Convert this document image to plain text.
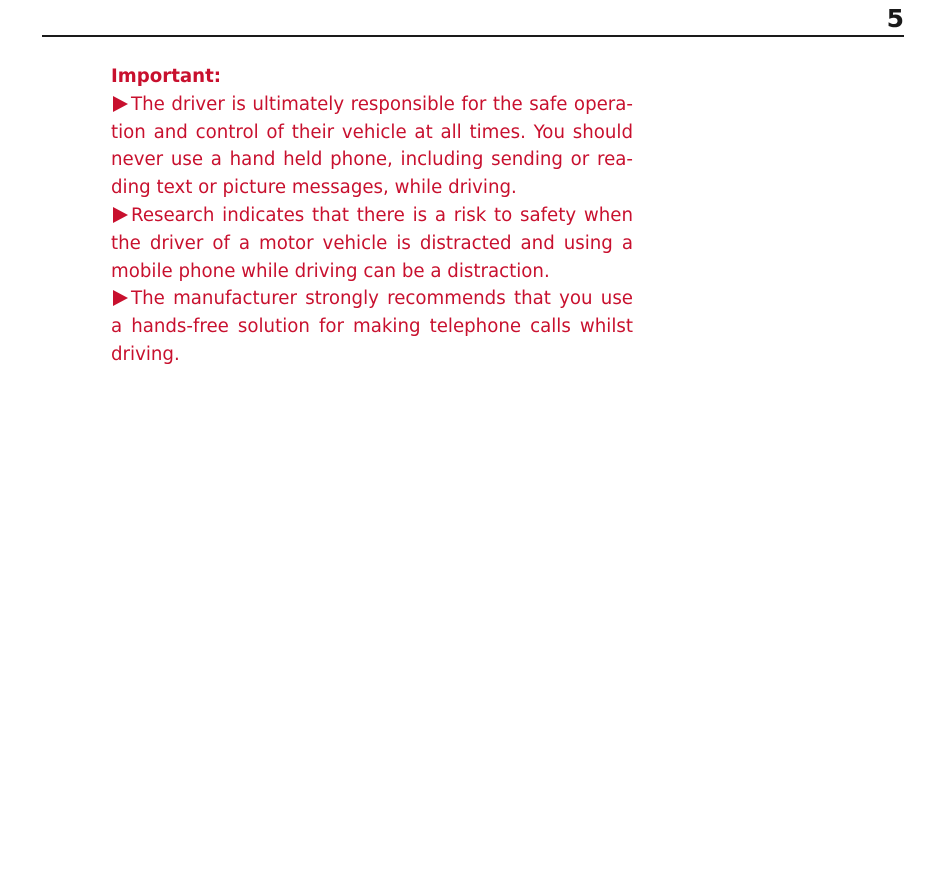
5

Important:

The driver is ultimately responsible for the safe operation and control of their vehicle at all times. You should never use a hand held phone, including sending or reading text or picture messages, while driving.

Research indicates that there is a risk to safety when the driver of a motor vehicle is distracted and using a mobile phone while driving can be a distraction.

The manufacturer strongly recommends that you use a hands-free solution for making telephone calls whilst driving.
